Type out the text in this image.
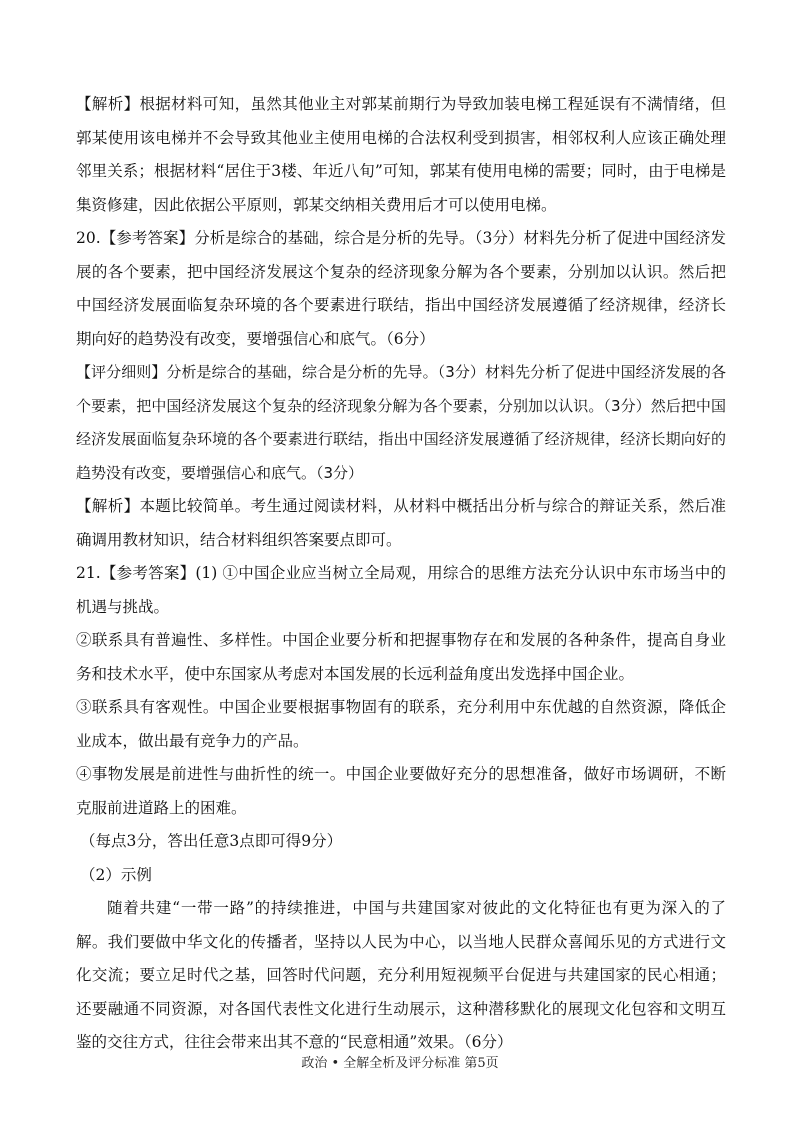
【解析】根据材料可知，虽然其他业主对郭某前期行为导致加装电梯工程延误有不满情绪，但郭某使用该电梯并不会导致其他业主使用电梯的合法权利受到损害，相邻权利人应该正确处理邻里关系；根据材料“居住于3楼、年近八旬”可知，郭某有使用电梯的需要；同时，由于电梯是集资修建，因此依据公平原则，郭某交纳相关费用后才可以使用电梯。

20.【参考答案】分析是综合的基础，综合是分析的先导。（3分）材料先分析了促进中国经济发展的各个要素，把中国经济发展这个复杂的经济现象分解为各个要素，分别加以认识。然后把中国经济发展面临复杂环境的各个要素进行联结，指出中国经济发展遵循了经济规律，经济长期向好的趋势没有改变，要增强信心和底气。（6分）

【评分细则】分析是综合的基础，综合是分析的先导。（3分）材料先分析了促进中国经济发展的各个要素，把中国经济发展这个复杂的经济现象分解为各个要素，分别加以认识。（3分）然后把中国经济发展面临复杂环境的各个要素进行联结，指出中国经济发展遵循了经济规律，经济长期向好的趋势没有改变，要增强信心和底气。（3分）

【解析】本题比较简单。考生通过阅读材料，从材料中概括出分析与综合的辩证关系，然后准确调用教材知识，结合材料组织答案要点即可。

21.【参考答案】(1) ①中国企业应当树立全局观，用综合的思维方法充分认识中东市场当中的机遇与挑战。

②联系具有普遍性、多样性。中国企业要分析和把握事物存在和发展的各种条件，提高自身业务和技术水平，使中东国家从考虑对本国发展的长远利益角度出发选择中国企业。

③联系具有客观性。中国企业要根据事物固有的联系，充分利用中东优越的自然资源，降低企业成本，做出最有竞争力的产品。

④事物发展是前进性与曲折性的统一。中国企业要做好充分的思想准备，做好市场调研，不断克服前进道路上的困难。

（每点3分，答出任意3点即可得9分）

（2）示例

随着共建“一带一路”的持续推进，中国与共建国家对彼此的文化特征也有更为深入的了解。我们要做中华文化的传播者，坚持以人民为中心，以当地人民群众喜闻乐见的方式进行文化交流；要立足时代之基，回答时代问题，充分利用短视频平台促进与共建国家的民心相通；还要融通不同资源，对各国代表性文化进行生动展示，这种潜移默化的展现文化包容和文明互鉴的交往方式，往往会带来出其不意的“民意相通”效果。（6分）

政治 • 全解全析及评分标准 第5页
